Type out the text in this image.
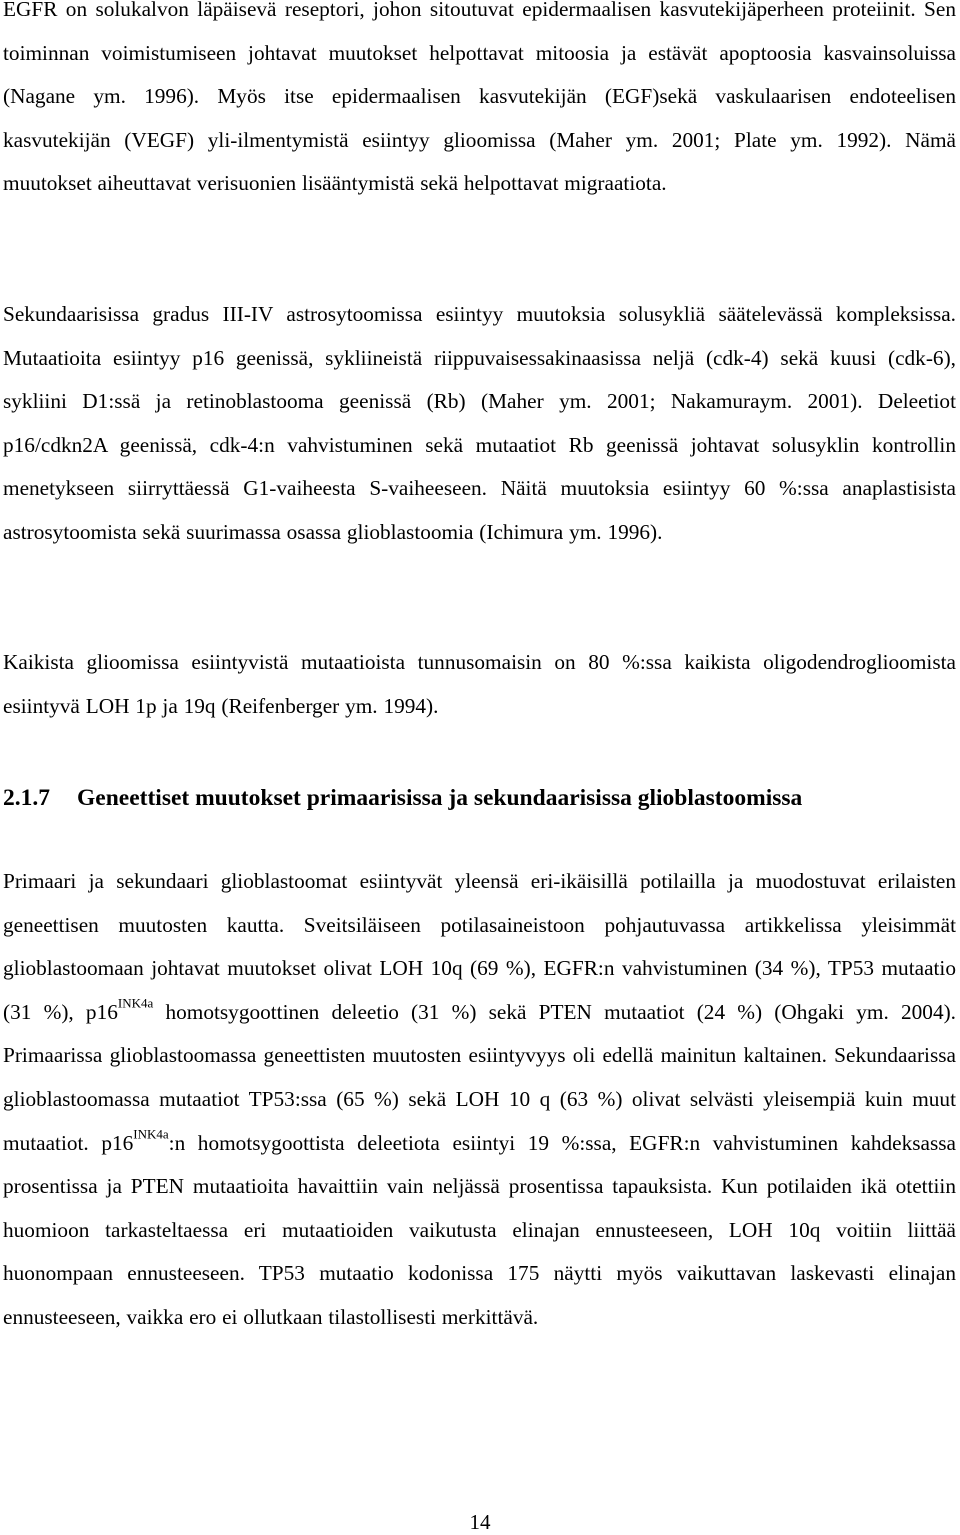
EGFR on solukalvon läpäisevä reseptori, johon sitoutuvat epidermaalisen kasvutekijäperheen proteiinit. Sen toiminnan voimistumiseen johtavat muutokset helpottavat mitoosia ja estävät apoptoosia kasvainsoluissa (Nagane ym. 1996). Myös itse epidermaalisen kasvutekijän (EGF)sekä vaskulaarisen endoteelisen kasvutekijän (VEGF) yli-ilmentymistä esiintyy glioomissa (Maher ym. 2001; Plate ym. 1992). Nämä muutokset aiheuttavat verisuonien lisääntymistä sekä helpottavat migraatiota.

Sekundaarisissa gradus III-IV astrosytoomissa esiintyy muutoksia solusykliä säätelevässä kompleksissa. Mutaatioita esiintyy p16 geenissä, sykliineistä riippuvaisessakinaasissa neljä (cdk-4) sekä kuusi (cdk-6), sykliini D1:ssä ja retinoblastooma geenissä (Rb) (Maher ym. 2001; Nakamuraym. 2001). Deleetiot p16/cdkn2A geenissä, cdk-4:n vahvistuminen sekä mutaatiot Rb geenissä johtavat solusyklin kontrollin menetykseen siirryttäessä G1-vaiheesta S-vaiheeseen. Näitä muutoksia esiintyy 60 %:ssa anaplastisista astrosytoomista sekä suurimassa osassa glioblastoomia (Ichimura ym. 1996).

Kaikista glioomissa esiintyvistä mutaatioista tunnusomaisin on 80 %:ssa kaikista oligodendroglioomista esiintyvä LOH 1p ja 19q (Reifenberger ym. 1994).

2.1.7 Geneettiset muutokset primaarisissa ja sekundaarisissa glioblastoomissa

Primaari ja sekundaari glioblastoomat esiintyvät yleensä eri-ikäisillä potilailla ja muodostuvat erilaisten geneettisen muutosten kautta. Sveitsiläiseen potilasaineistoon pohjautuvassa artikkelissa yleisimmät glioblastoomaan johtavat muutokset olivat LOH 10q (69 %), EGFR:n vahvistuminen (34 %), TP53 mutaatio (31 %), $p16^{INK4a}$ homotsygoottinen deleetio (31 %) sekä PTEN mutaatiot (24 %) (Ohgaki ym. 2004). Primaarissa glioblastoomassa geneettisten muutosten esiintyvyys oli edellä mainitun kaltainen. Sekundaarissa glioblastoomassa mutaatiot TP53:ssa (65 %) sekä LOH 10 q (63 %) olivat selvästi yleisempiä kuin muut mutaatiot. $p16^{INK4a}:n$ homotsygoottista deleetiota esiintyi 19 %:ssa, EGFR:n vahvistuminen kahdeksassa prosentissa ja PTEN mutaatioita havaittiin vain neljässä prosentissa tapauksista. Kun potilaiden ikä otettiin huomioon tarkasteltaessa eri mutaatioiden vaikutusta elinajan ennusteeseen, LOH 10q voitiin liittää huonompaan ennusteeseen. TP53 mutaatio kodonissa 175 näytti myös vaikuttavan laskevasti elinajan ennusteeseen, vaikka ero ei ollutkaan tilastollisesti merkittävä.

14
